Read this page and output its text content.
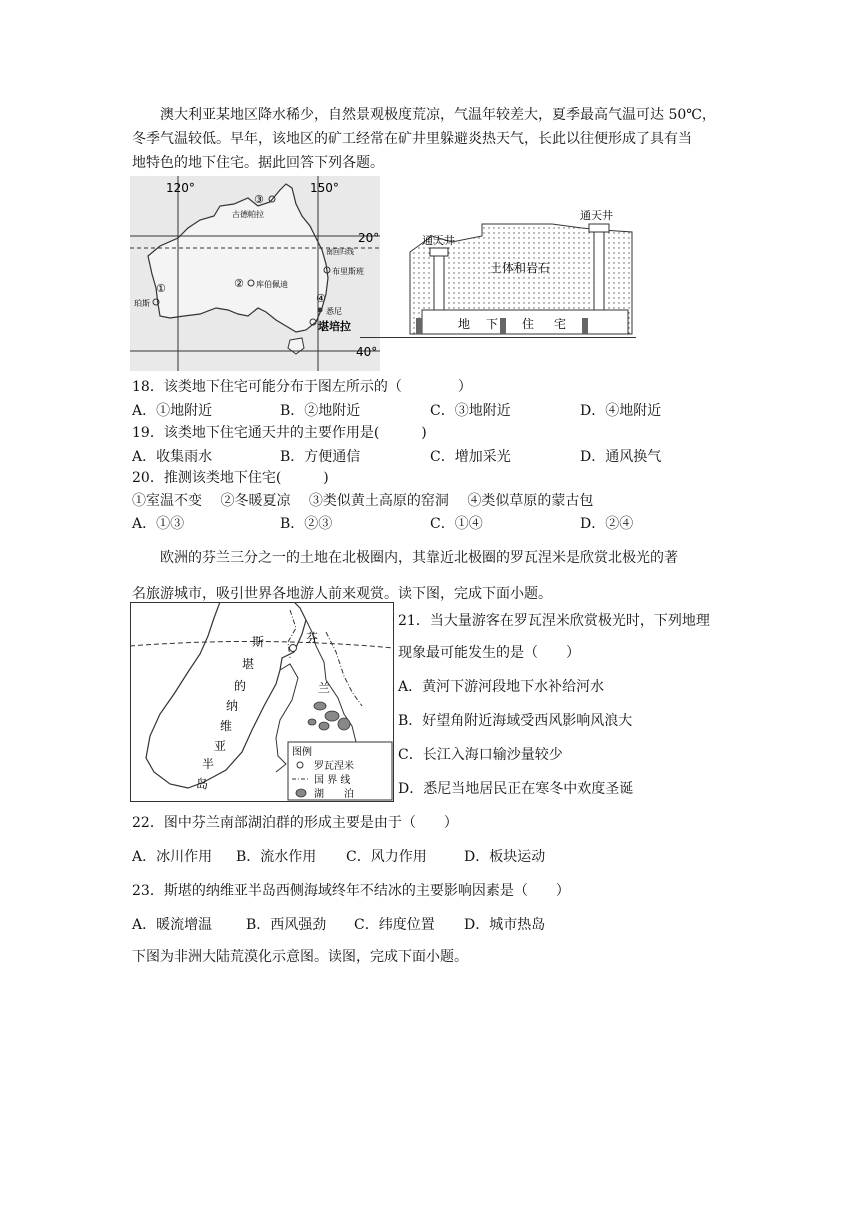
澳大利亚某地区降水稀少，自然景观极度荒凉，气温年较差大，夏季最高气温可达 50℃，

冬季气温较低。早年，该地区的矿工经常在矿井里躲避炎热天气，长此以往便形成了具有当

地特色的地下住宅。据此回答下列各题。

120°	150°
20°
40°
③
古德帕拉
② 库伯佩迪
①
珀斯
南回归线
布里斯班
④
悉尼
堪培拉
通天井
通天井
土体和岩石
地 下 住 宅
18．该类地下住宅可能分布于图左所示的（　　　　）
A．①地附近	B．②地附近	C．③地附近	D．④地附近
19．该类地下住宅通天井的主要作用是(　　　)
A．收集雨水	B．方便通信	C．增加采光	D．通风换气
20．推测该类地下住宅(　　　)
①室温不变　 ②冬暖夏凉　 ③类似黄土高原的窑洞　 ④类似草原的蒙古包
A．①③	B．②③	C．①④	D．②④

欧洲的芬兰三分之一的土地在北极圈内，其靠近北极圈的罗瓦涅米是欣赏北极光的著

名旅游城市，吸引世界各地游人前来观赏。读下图，完成下面小题。

斯
堪
的
纳
维
亚
半
岛
芬
兰
图例
罗瓦涅米
国 界 线
湖　　泊
21．当大量游客在罗瓦涅米欣赏极光时，下列地理
现象最可能发生的是（　　）
A．黄河下游河段地下水补给河水
B．好望角附近海域受西风影响风浪大
C．长江入海口输沙量较少
D．悉尼当地居民正在寒冬中欢度圣诞
22．图中芬兰南部湖泊群的形成主要是由于（　　）
A．冰川作用 B．流水作用 C．风力作用	D．板块运动
23．斯堪的纳维亚半岛西侧海域终年不结冰的主要影响因素是（　　）
A．暖流增温 B．西风强劲 C．纬度位置 D．城市热岛
下图为非洲大陆荒漠化示意图。读图，完成下面小题。
